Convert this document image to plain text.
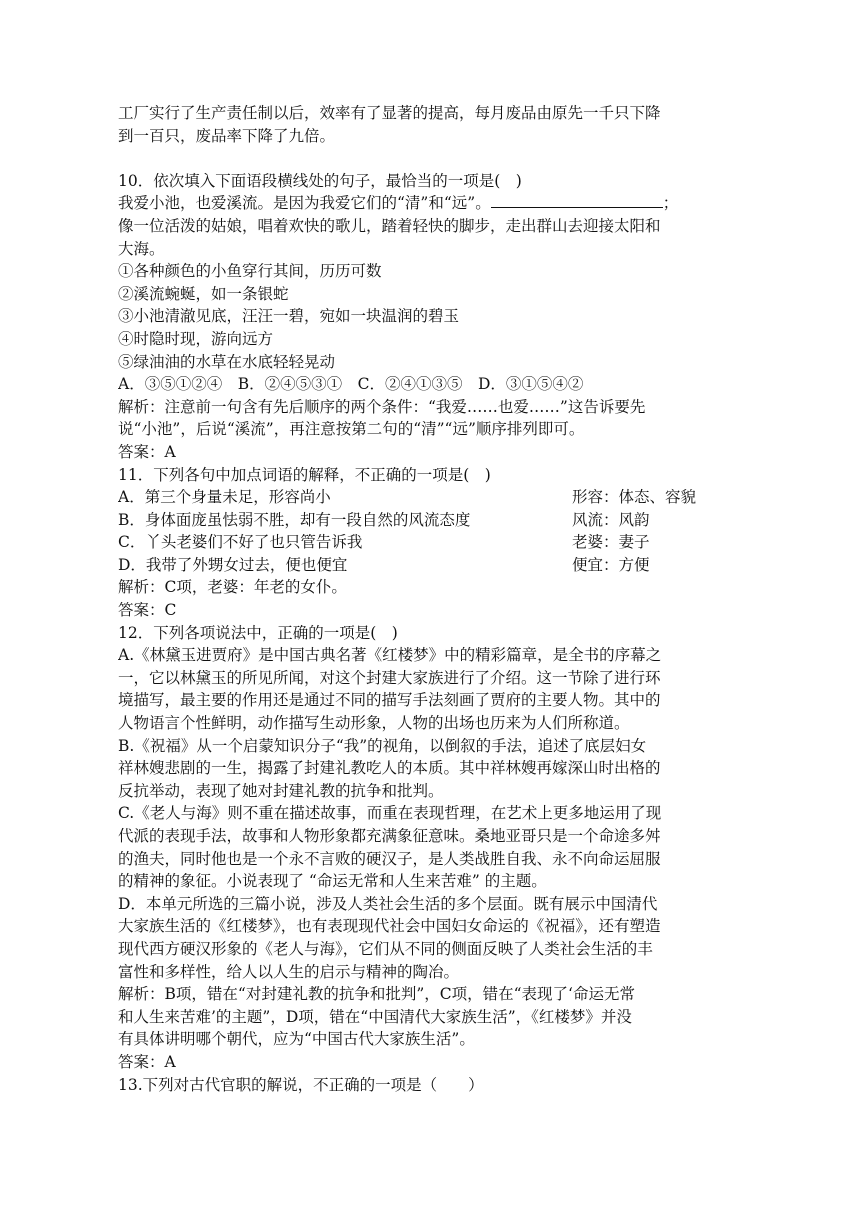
工厂实行了生产责任制以后，效率有了显著的提高，每月废品由原先一千只下降
到一百只，废品率下降了九倍。
10．依次填入下面语段横线处的句子，最恰当的一项是(　)
我爱小池，也爱溪流。是因为我爱它们的“清”和“远”。	；
像一位活泼的姑娘，唱着欢快的歌儿，踏着轻快的脚步，走出群山去迎接太阳和
大海。
①各种颜色的小鱼穿行其间，历历可数
②溪流蜿蜒，如一条银蛇
③小池清澈见底，汪汪一碧，宛如一块温润的碧玉
④时隐时现，游向远方
⑤绿油油的水草在水底轻轻晃动
A．③⑤①②④　B．②④⑤③①　C．②④①③⑤　D．③①⑤④②
解析：注意前一句含有先后顺序的两个条件：“我爱……也爱……”这告诉要先
说“小池”，后说“溪流”，再注意按第二句的“清”“远”顺序排列即可。
答案：A
11．下列各句中加点词语的解释，不正确的一项是(　)
A．第三个身量未足，形容尚小	形容：体态、容貌
B．身体面庞虽怯弱不胜，却有一段自然的风流态度	风流：风韵
C．丫头老婆们不好了也只管告诉我	老婆：妻子
D．我带了外甥女过去，便也便宜	便宜：方便
解析：C项，老婆：年老的女仆。
答案：C
12．下列各项说法中，正确的一项是(　)
A.《林黛玉进贾府》是中国古典名著《红楼梦》中的精彩篇章，是全书的序幕之
一，它以林黛玉的所见所闻，对这个封建大家族进行了介绍。这一节除了进行环
境描写，最主要的作用还是通过不同的描写手法刻画了贾府的主要人物。其中的
人物语言个性鲜明，动作描写生动形象，人物的出场也历来为人们所称道。
B.《祝福》从一个启蒙知识分子“我”的视角，以倒叙的手法，追述了底层妇女
祥林嫂悲剧的一生，揭露了封建礼教吃人的本质。其中祥林嫂再嫁深山时出格的
反抗举动，表现了她对封建礼教的抗争和批判。
C.《老人与海》则不重在描述故事，而重在表现哲理，在艺术上更多地运用了现
代派的表现手法，故事和人物形象都充满象征意味。桑地亚哥只是一个命途多舛
的渔夫，同时他也是一个永不言败的硬汉子，是人类战胜自我、永不向命运屈服
的精神的象征。小说表现了 “命运无常和人生来苦难” 的主题。
D．本单元所选的三篇小说，涉及人类社会生活的多个层面。既有展示中国清代
大家族生活的《红楼梦》，也有表现现代社会中国妇女命运的《祝福》，还有塑造
现代西方硬汉形象的《老人与海》，它们从不同的侧面反映了人类社会生活的丰
富性和多样性，给人以人生的启示与精神的陶冶。
解析：B项，错在“对封建礼教的抗争和批判”，C项，错在“表现了‘命运无常
和人生来苦难’的主题”，D项，错在“中国清代大家族生活”，《红楼梦》并没
有具体讲明哪个朝代，应为“中国古代大家族生活”。
答案：A
13.下列对古代官职的解说，不正确的一项是（　　）
